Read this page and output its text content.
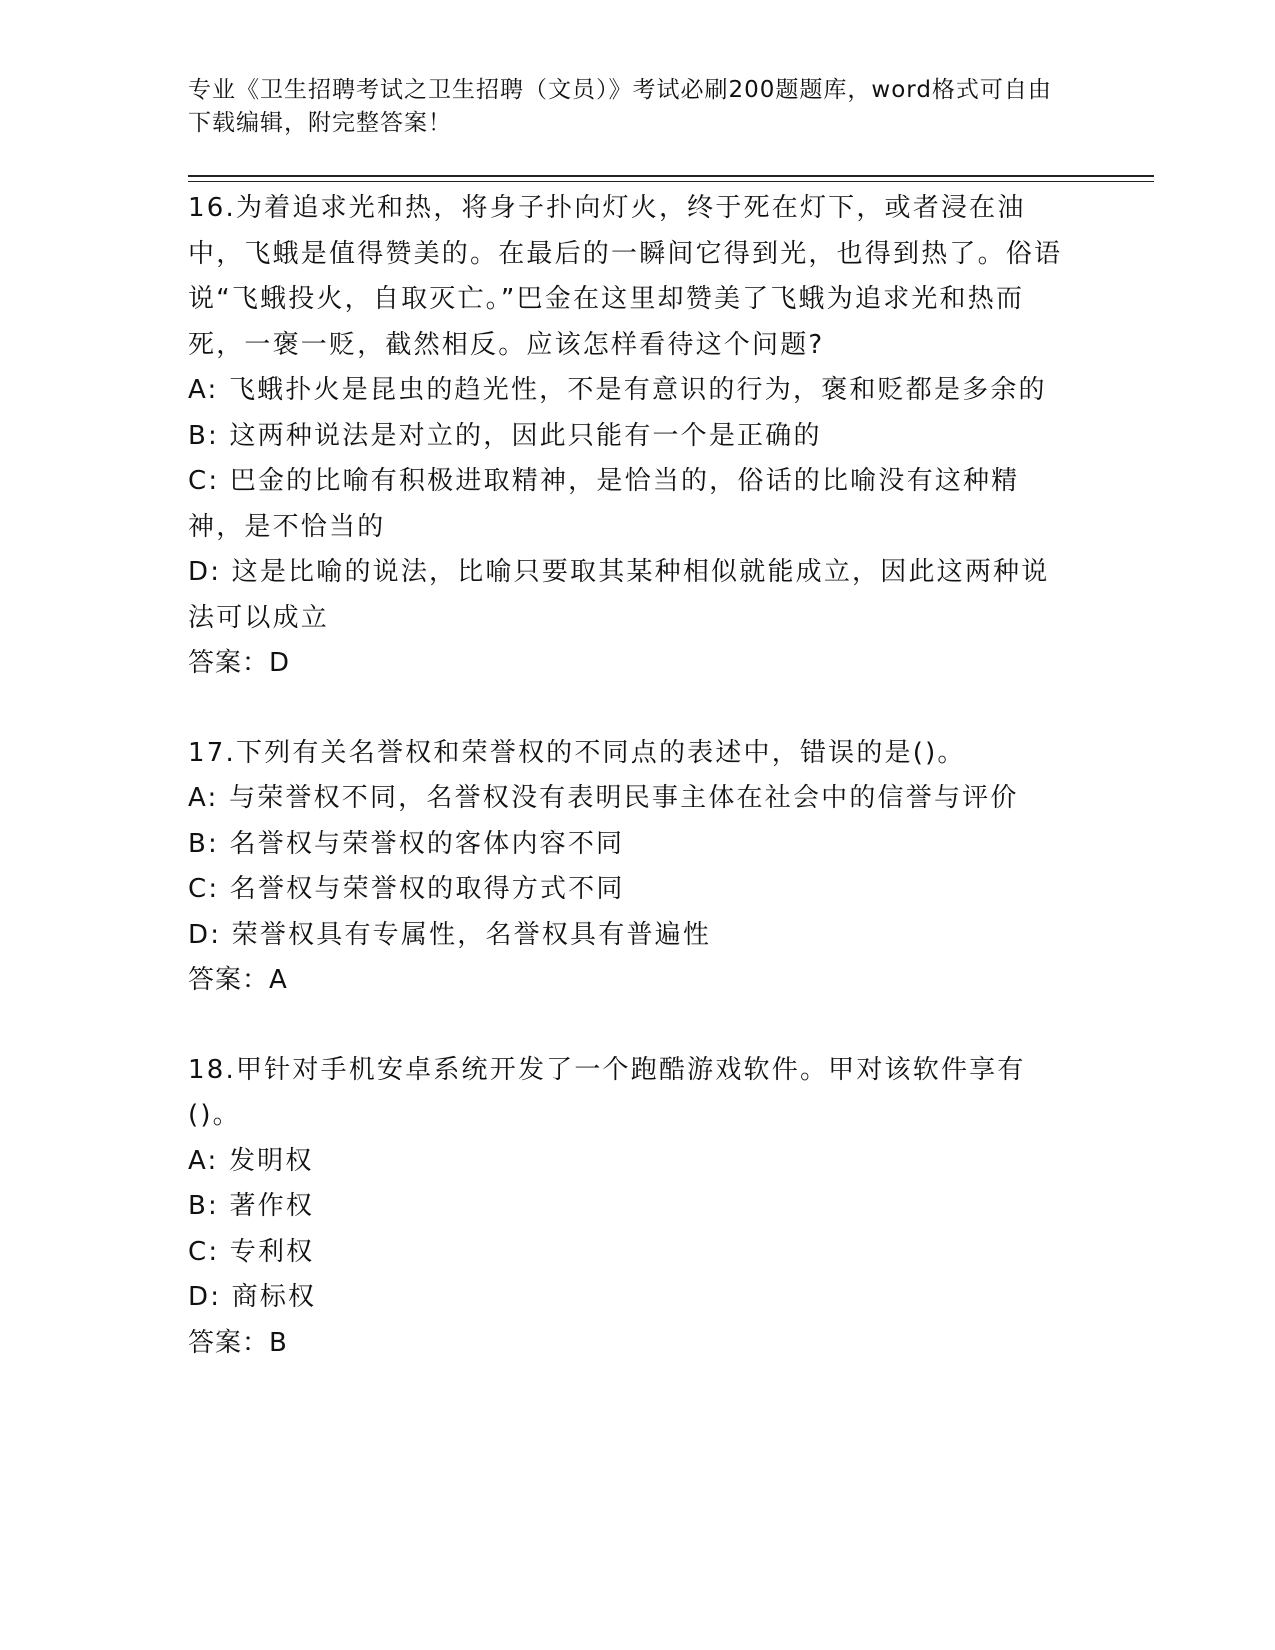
专业《卫生招聘考试之卫生招聘（文员）》考试必刷200题题库，word格式可自由下载编辑，附完整答案！

16.为着追求光和热，将身子扑向灯火，终于死在灯下，或者浸在油中，飞蛾是值得赞美的。在最后的一瞬间它得到光，也得到热了。俗语说“飞蛾投火，自取灭亡。”巴金在这里却赞美了飞蛾为追求光和热而死，一褒一贬，截然相反。应该怎样看待这个问题?

A: 飞蛾扑火是昆虫的趋光性，不是有意识的行为，褒和贬都是多余的

B: 这两种说法是对立的，因此只能有一个是正确的

C: 巴金的比喻有积极进取精神，是恰当的，俗话的比喻没有这种精神，是不恰当的

D: 这是比喻的说法，比喻只要取其某种相似就能成立，因此这两种说法可以成立

答案：D

17.下列有关名誉权和荣誉权的不同点的表述中，错误的是()。

A: 与荣誉权不同，名誉权没有表明民事主体在社会中的信誉与评价

B: 名誉权与荣誉权的客体内容不同

C: 名誉权与荣誉权的取得方式不同

D: 荣誉权具有专属性，名誉权具有普遍性

答案：A

18.甲针对手机安卓系统开发了一个跑酷游戏软件。甲对该软件享有()。

A: 发明权

B: 著作权

C: 专利权

D: 商标权

答案：B
